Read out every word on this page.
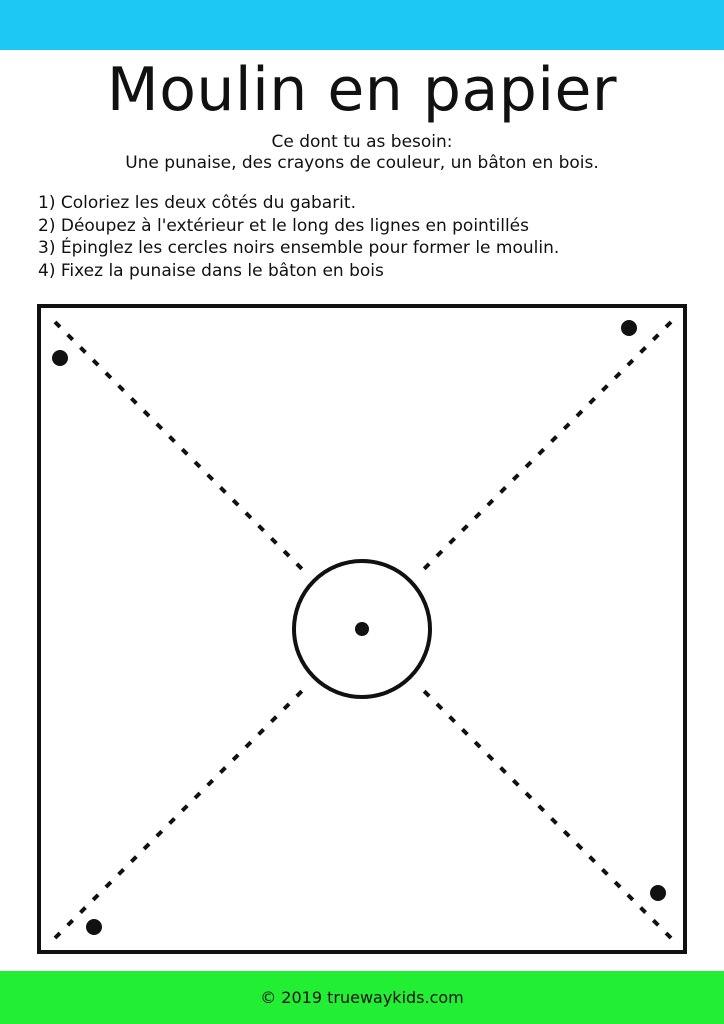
Moulin en papier
Ce dont tu as besoin:
Une punaise, des crayons de couleur, un bâton en bois.
1) Coloriez les deux côtés du gabarit.
2) Déoupez à l'extérieur et le long des lignes en pointillés
3) Épinglez les cercles noirs ensemble pour former le moulin.
4) Fixez la punaise dans le bâton en bois
© 2019 truewaykids.com
